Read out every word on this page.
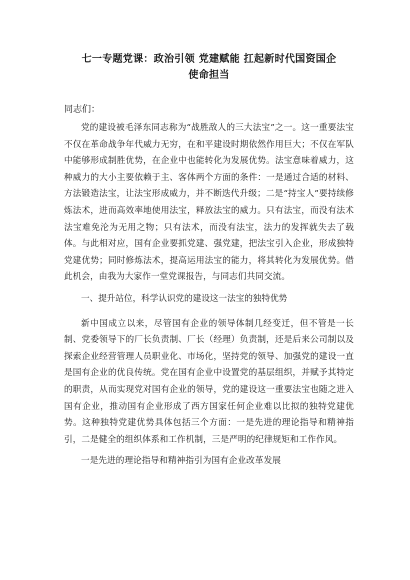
七一专题党课：政治引领 党建赋能 扛起新时代国资国企
使命担当

同志们：

党的建设被毛泽东同志称为“战胜敌人的三大法宝”之一。这一重要法宝不仅在革命战争年代威力无穷，在和平建设时期依然作用巨大；不仅在军队中能够形成制胜优势，在企业中也能转化为发展优势。法宝意味着威力，这种威力的大小主要依赖于主、客体两个方面的条件：一是通过合适的材料、方法锻造法宝，让法宝形成威力，并不断迭代升级；二是“持宝人”要持续修炼法术，进而高效率地使用法宝，释放法宝的威力。只有法宝，而没有法术法宝难免沦为无用之物；只有法术，而没有法宝，法力的发挥就失去了载体。与此相对应，国有企业要抓党建、强党建，把法宝引入企业，形成独特党建优势；同时修炼法术，提高运用法宝的能力，将其转化为发展优势。借此机会，由我为大家作一堂党课报告，与同志们共同交流。

一、提升站位，科学认识党的建设这一法宝的独特优势

新中国成立以来，尽管国有企业的领导体制几经变迁，但不管是一长制、党委领导下的厂长负责制、厂长（经理）负责制，还是后来公司制以及探索企业经营管理人员职业化、市场化，坚持党的领导、加强党的建设一直是国有企业的优良传统。党在国有企业中设置党的基层组织，并赋予其特定的职责，从而实现党对国有企业的领导，党的建设这一重要法宝也随之进入国有企业，推动国有企业形成了西方国家任何企业难以比拟的独特党建优势。这种独特党建优势具体包括三个方面：一是先进的理论指导和精神指引，二是健全的组织体系和工作机制，三是严明的纪律规矩和工作作风。

一是先进的理论指导和精神指引为国有企业改革发展
